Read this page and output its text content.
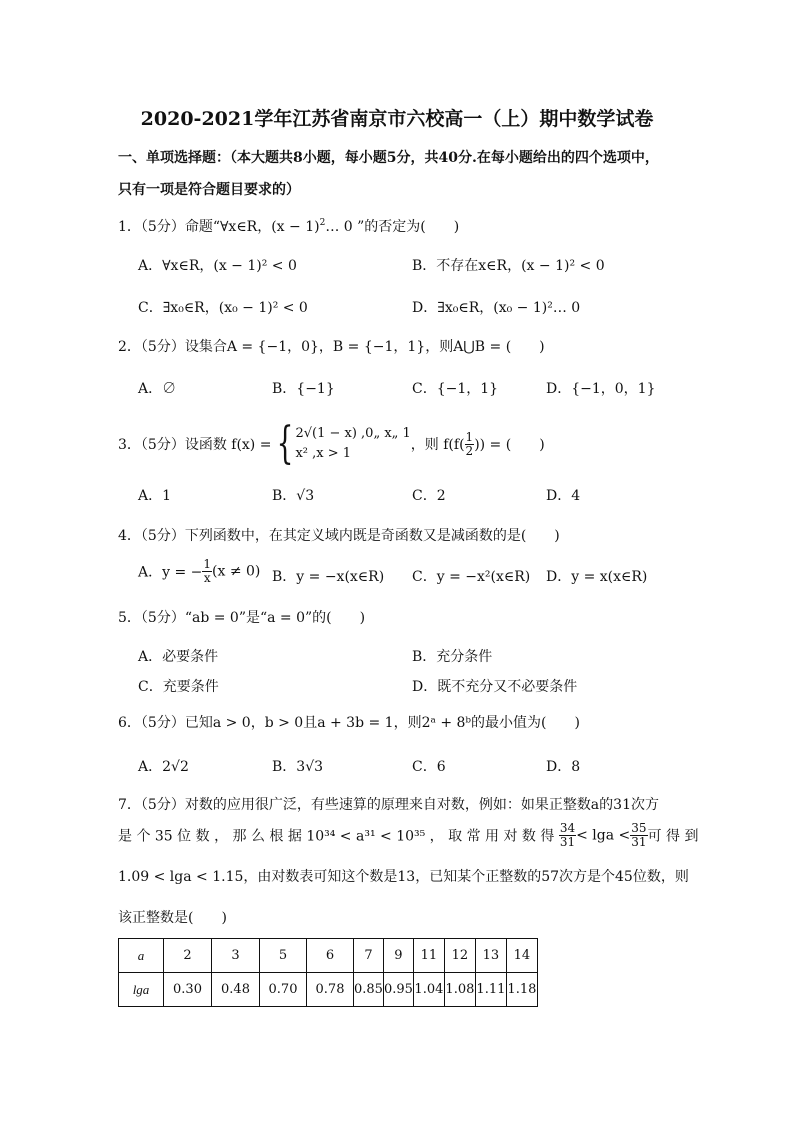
2020-2021学年江苏省南京市六校高一（上）期中数学试卷
一、单项选择题：（本大题共8小题，每小题5分，共40分.在每小题给出的四个选项中，
只有一项是符合题目要求的）
1．（5分）命题“∀x∈R，$(x - 1)^2\dots$ 0 ”的否定为(　　)
A．∀x∈R，(x − 1)² < 0	B．不存在x∈R，(x − 1)² < 0
C．∃x₀∈R，(x₀ − 1)² < 0	D．∃x₀∈R，(x₀ − 1)²… 0
2．（5分）设集合A = {−1，0}，B = {−1，1}，则A⋃B = (　　)
A．∅	B．{−1}	C．{−1，1}	D．{−1，0，1}
3．（5分）设函数 f(x) = { 2√(1 − x) ,0„ x„ 1
x² ,x > 1
，则 $f(f( \frac{1}{2}$ )) = (　　)
A．1	B．√3	C．2	D．4
4．（5分）下列函数中，在其定义域内既是奇函数又是减函数的是(　　)
A．y = − $\frac{1}{x} (x \ne 0)$ B．y = −x(x∈R) C．y = −x²(x∈R) D．y = x(x∈R)
5．（5分）“ab = 0”是“a = 0”的(　　)
A．必要条件	B．充分条件
C．充要条件	D．既不充分又不必要条件
6．（5分）已知a > 0，b > 0且a + 3b = 1，则2ᵃ + 8ᵇ的最小值为(　　)
A．2√2	B．3√3	C．6	D．8
7．（5分）对数的应用很广泛，有些速算的原理来自对数，例如：如果正整数a的31次方
是 个 35 位 数 ， 那 么 根 据 10³⁴ < a³¹ < 10³⁵ ， 取 常 用 对 数 得 $\frac{34}{31} < \lg a < \frac{35}{31}$ 可 得 到
1.09 < lga < 1.15，由对数表可知这个数是13，已知某个正整数的57次方是个45位数，则
该正整数是(　　)
a	2	3	5	6	7	9	11	12	13	14
lga	0.30	0.48	0.70	0.78	0.85	0.95	1.04	1.08	1.11	1.18
